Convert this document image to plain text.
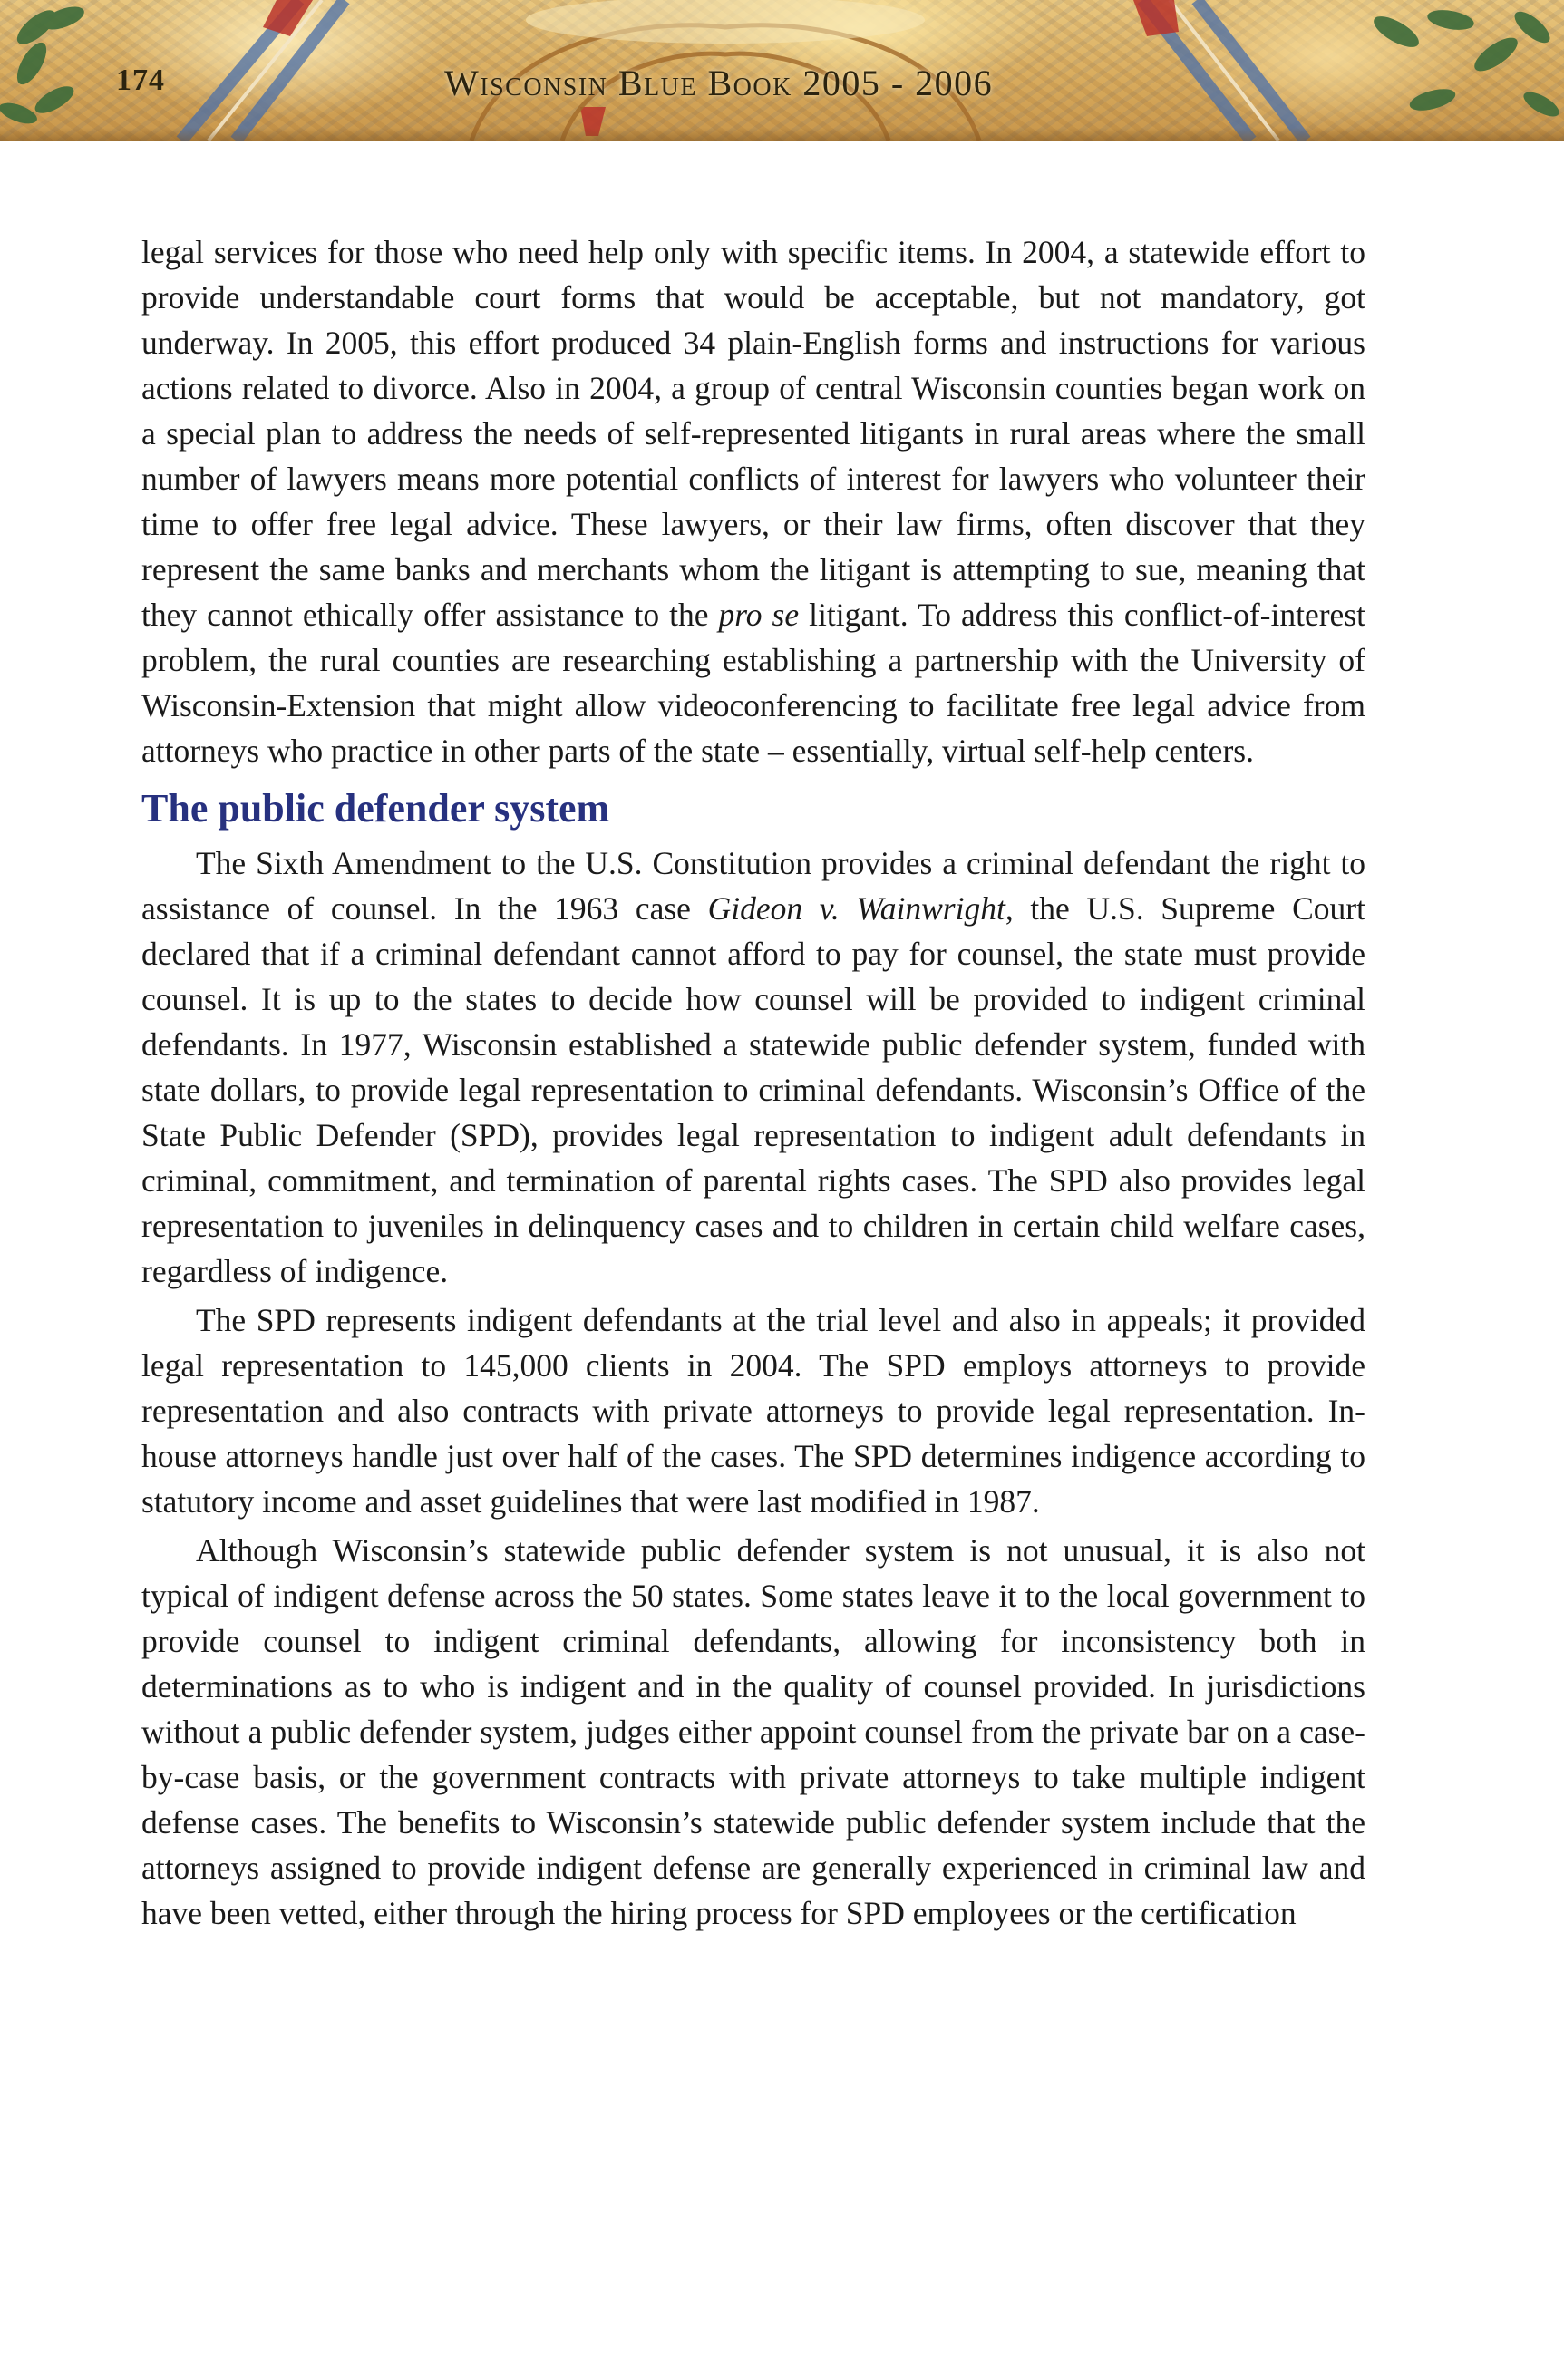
174	Wisconsin Blue Book 2005 - 2006

legal services for those who need help only with specific items. In 2004, a statewide effort to provide understandable court forms that would be acceptable, but not mandatory, got underway. In 2005, this effort produced 34 plain-English forms and instructions for various actions related to divorce. Also in 2004, a group of central Wisconsin counties began work on a special plan to address the needs of self-represented litigants in rural areas where the small number of lawyers means more potential conflicts of interest for lawyers who volunteer their time to offer free legal advice. These lawyers, or their law firms, often discover that they represent the same banks and merchants whom the litigant is attempting to sue, meaning that they cannot ethically offer assistance to the pro se litigant. To address this conflict-of-interest problem, the rural counties are researching establishing a partnership with the University of Wisconsin-Extension that might allow videoconferencing to facilitate free legal advice from attorneys who practice in other parts of the state – essentially, virtual self-help centers.

The public defender system

The Sixth Amendment to the U.S. Constitution provides a criminal defendant the right to assistance of counsel. In the 1963 case Gideon v. Wainwright, the U.S. Supreme Court declared that if a criminal defendant cannot afford to pay for counsel, the state must provide counsel. It is up to the states to decide how counsel will be provided to indigent criminal defendants. In 1977, Wisconsin established a statewide public defender system, funded with state dollars, to provide legal representation to criminal defendants. Wisconsin’s Office of the State Public Defender (SPD), provides legal representation to indigent adult defendants in criminal, commitment, and termination of parental rights cases. The SPD also provides legal representation to juveniles in delinquency cases and to children in certain child welfare cases, regardless of indigence.

The SPD represents indigent defendants at the trial level and also in appeals; it provided legal representation to 145,000 clients in 2004. The SPD employs attorneys to provide representation and also contracts with private attorneys to provide legal representation. In-house attorneys handle just over half of the cases. The SPD determines indigence according to statutory income and asset guidelines that were last modified in 1987.

Although Wisconsin’s statewide public defender system is not unusual, it is also not typical of indigent defense across the 50 states. Some states leave it to the local government to provide counsel to indigent criminal defendants, allowing for inconsistency both in determinations as to who is indigent and in the quality of counsel provided. In jurisdictions without a public defender system, judges either appoint counsel from the private bar on a case-by-case basis, or the government contracts with private attorneys to take multiple indigent defense cases. The benefits to Wisconsin’s statewide public defender system include that the attorneys assigned to provide indigent defense are generally experienced in criminal law and have been vetted, either through the hiring process for SPD employees or the certification
